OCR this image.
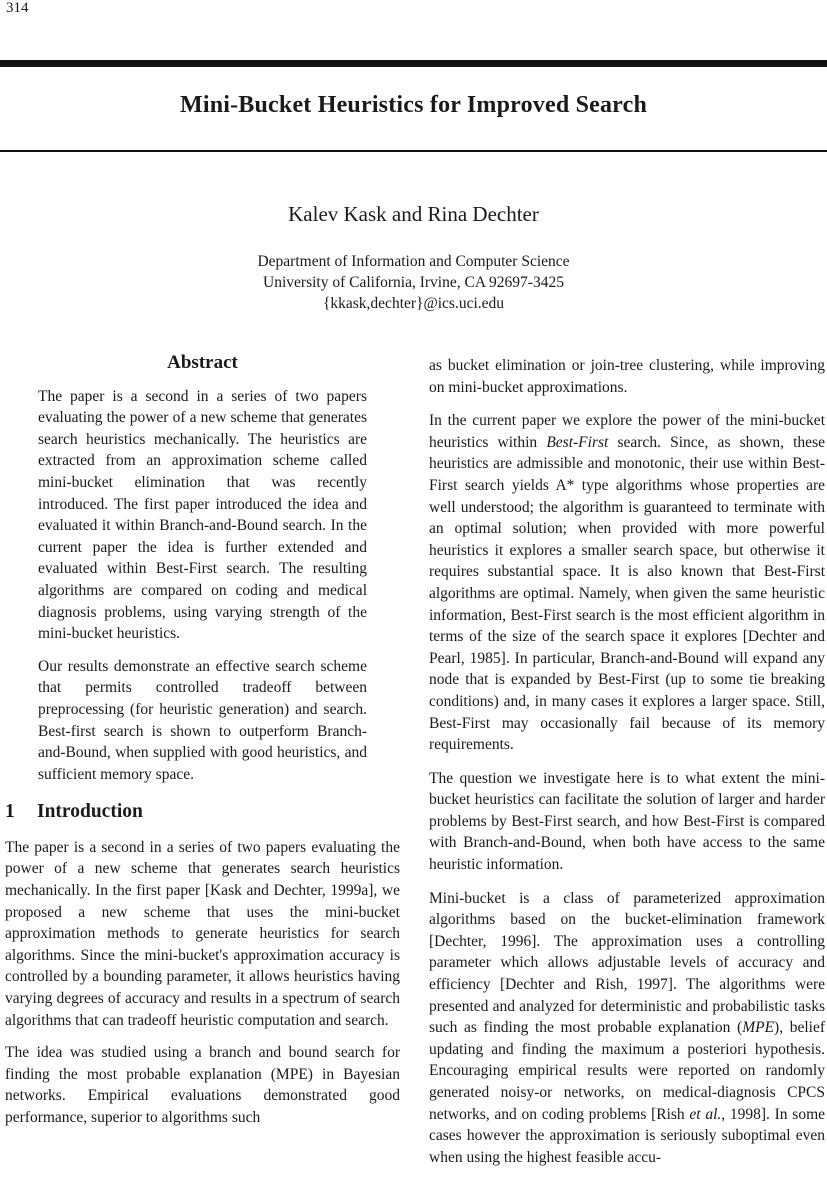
314
Mini-Bucket Heuristics for Improved Search
Kalev Kask and Rina Dechter
Department of Information and Computer Science
University of California, Irvine, CA 92697-3425
{kkask,dechter}@ics.uci.edu
Abstract

The paper is a second in a series of two papers evaluating the power of a new scheme that generates search heuristics mechanically. The heuristics are extracted from an approximation scheme called mini-bucket elimination that was recently introduced. The first paper introduced the idea and evaluated it within Branch-and-Bound search. In the current paper the idea is further extended and evaluated within Best-First search. The resulting algorithms are compared on coding and medical diagnosis problems, using varying strength of the mini-bucket heuristics.

Our results demonstrate an effective search scheme that permits controlled tradeoff between preprocessing (for heuristic generation) and search. Best-first search is shown to outperform Branch-and-Bound, when supplied with good heuristics, and sufficient memory space.

1 Introduction

The paper is a second in a series of two papers evaluating the power of a new scheme that generates search heuristics mechanically. In the first paper [Kask and Dechter, 1999a], we proposed a new scheme that uses the mini-bucket approximation methods to generate heuristics for search algorithms. Since the mini-bucket's approximation accuracy is controlled by a bounding parameter, it allows heuristics having varying degrees of accuracy and results in a spectrum of search algorithms that can tradeoff heuristic computation and search.

The idea was studied using a branch and bound search for finding the most probable explanation (MPE) in Bayesian networks. Empirical evaluations demonstrated good performance, superior to algorithms such

as bucket elimination or join-tree clustering, while improving on mini-bucket approximations.

In the current paper we explore the power of the mini-bucket heuristics within Best-First search. Since, as shown, these heuristics are admissible and monotonic, their use within Best-First search yields A* type algorithms whose properties are well understood; the algorithm is guaranteed to terminate with an optimal solution; when provided with more powerful heuristics it explores a smaller search space, but otherwise it requires substantial space. It is also known that Best-First algorithms are optimal. Namely, when given the same heuristic information, Best-First search is the most efficient algorithm in terms of the size of the search space it explores [Dechter and Pearl, 1985]. In particular, Branch-and-Bound will expand any node that is expanded by Best-First (up to some tie breaking conditions) and, in many cases it explores a larger space. Still, Best-First may occasionally fail because of its memory requirements.

The question we investigate here is to what extent the mini-bucket heuristics can facilitate the solution of larger and harder problems by Best-First search, and how Best-First is compared with Branch-and-Bound, when both have access to the same heuristic information.

Mini-bucket is a class of parameterized approximation algorithms based on the bucket-elimination framework [Dechter, 1996]. The approximation uses a controlling parameter which allows adjustable levels of accuracy and efficiency [Dechter and Rish, 1997]. The algorithms were presented and analyzed for deterministic and probabilistic tasks such as finding the most probable explanation (MPE), belief updating and finding the maximum a posteriori hypothesis. Encouraging empirical results were reported on randomly generated noisy-or networks, on medical-diagnosis CPCS networks, and on coding problems [Rish et al., 1998]. In some cases however the approximation is seriously suboptimal even when using the highest feasible accu-
